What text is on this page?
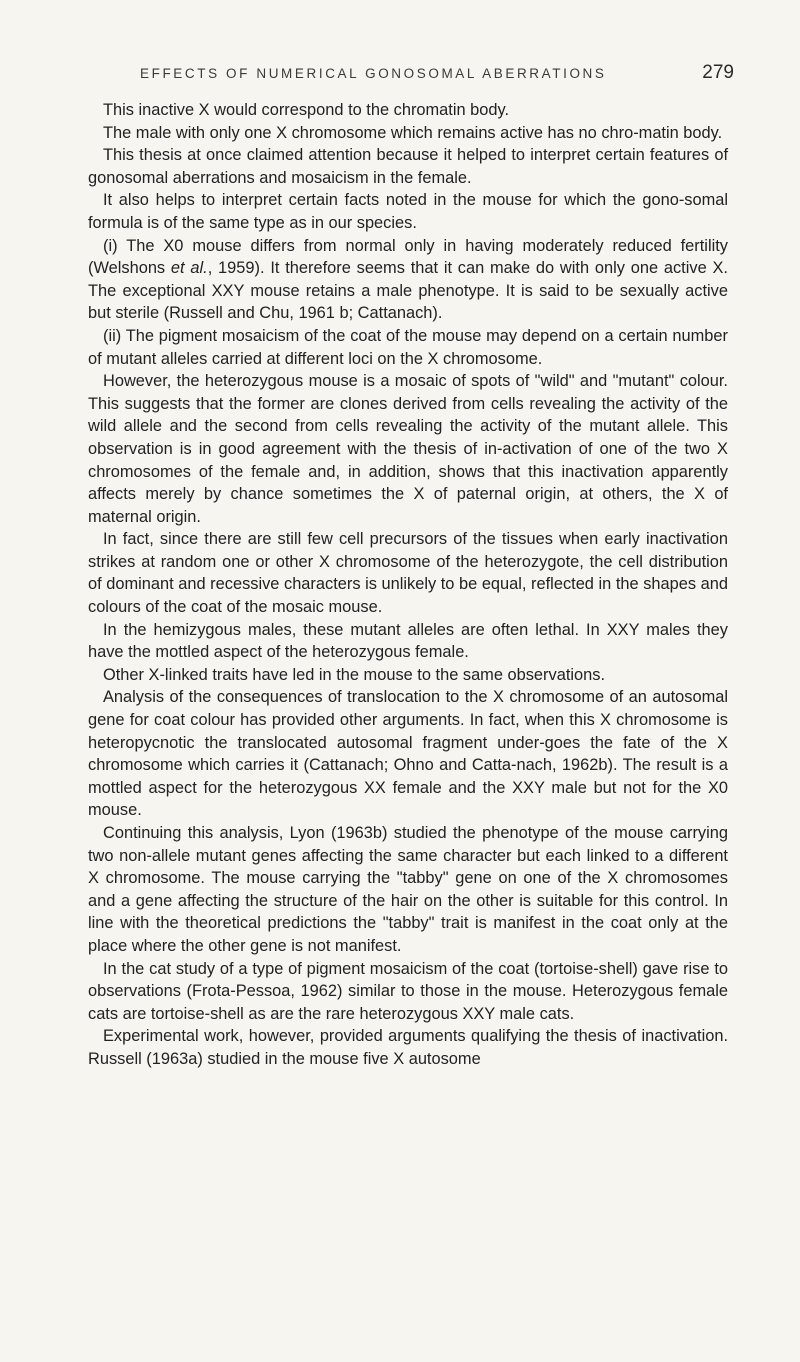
EFFECTS OF NUMERICAL GONOSOMAL ABERRATIONS	279

This inactive X would correspond to the chromatin body.

The male with only one X chromosome which remains active has no chro-matin body.

This thesis at once claimed attention because it helped to interpret certain features of gonosomal aberrations and mosaicism in the female.

It also helps to interpret certain facts noted in the mouse for which the gono-somal formula is of the same type as in our species.

(i) The X0 mouse differs from normal only in having moderately reduced fertility (Welshons et al., 1959). It therefore seems that it can make do with only one active X. The exceptional XXY mouse retains a male phenotype. It is said to be sexually active but sterile (Russell and Chu, 1961 b; Cattanach).

(ii) The pigment mosaicism of the coat of the mouse may depend on a certain number of mutant alleles carried at different loci on the X chromosome.

However, the heterozygous mouse is a mosaic of spots of "wild" and "mutant" colour. This suggests that the former are clones derived from cells revealing the activity of the wild allele and the second from cells revealing the activity of the mutant allele. This observation is in good agreement with the thesis of in-activation of one of the two X chromosomes of the female and, in addition, shows that this inactivation apparently affects merely by chance sometimes the X of paternal origin, at others, the X of maternal origin.

In fact, since there are still few cell precursors of the tissues when early inactivation strikes at random one or other X chromosome of the heterozygote, the cell distribution of dominant and recessive characters is unlikely to be equal, reflected in the shapes and colours of the coat of the mosaic mouse.

In the hemizygous males, these mutant alleles are often lethal. In XXY males they have the mottled aspect of the heterozygous female.

Other X-linked traits have led in the mouse to the same observations.

Analysis of the consequences of translocation to the X chromosome of an autosomal gene for coat colour has provided other arguments. In fact, when this X chromosome is heteropycnotic the translocated autosomal fragment under-goes the fate of the X chromosome which carries it (Cattanach; Ohno and Catta-nach, 1962b). The result is a mottled aspect for the heterozygous XX female and the XXY male but not for the X0 mouse.

Continuing this analysis, Lyon (1963b) studied the phenotype of the mouse carrying two non-allele mutant genes affecting the same character but each linked to a different X chromosome. The mouse carrying the "tabby" gene on one of the X chromosomes and a gene affecting the structure of the hair on the other is suitable for this control. In line with the theoretical predictions the "tabby" trait is manifest in the coat only at the place where the other gene is not manifest.

In the cat study of a type of pigment mosaicism of the coat (tortoise-shell) gave rise to observations (Frota-Pessoa, 1962) similar to those in the mouse. Heterozygous female cats are tortoise-shell as are the rare heterozygous XXY male cats.

Experimental work, however, provided arguments qualifying the thesis of inactivation. Russell (1963a) studied in the mouse five X autosome
